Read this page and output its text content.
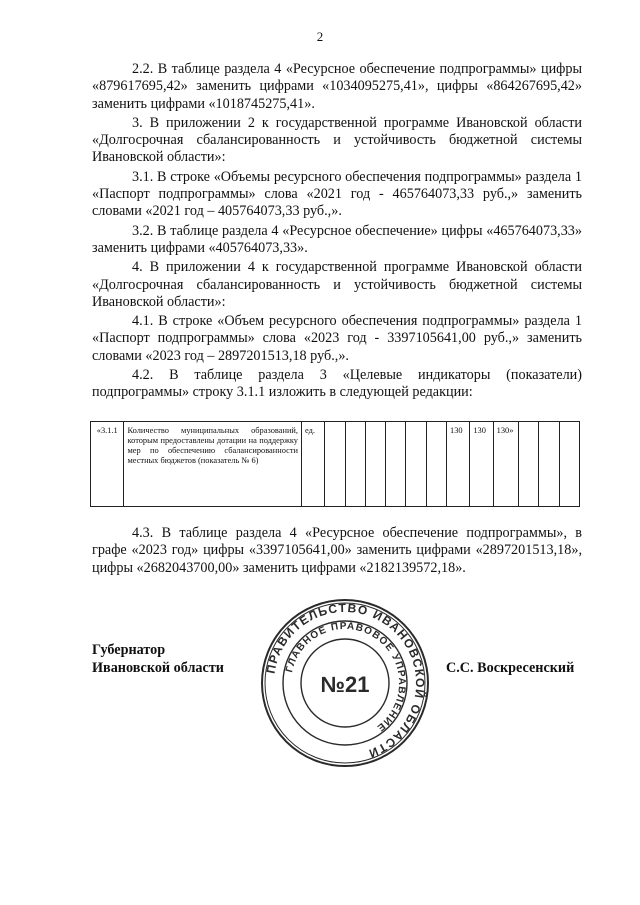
2

2.2. В таблице раздела 4 «Ресурсное обеспечение подпрограммы» цифры «879617695,42» заменить цифрами «1034095275,41», цифры «864267695,42» заменить цифрами «1018745275,41».

3. В приложении 2 к государственной программе Ивановской области «Долгосрочная сбалансированность и устойчивость бюджетной системы Ивановской области»:

3.1. В строке «Объемы ресурсного обеспечения подпрограммы» раздела 1 «Паспорт подпрограммы» слова «2021 год - 465764073,33 руб.,» заменить словами «2021 год – 405764073,33 руб.,».

3.2. В таблице раздела 4 «Ресурсное обеспечение» цифры «465764073,33» заменить цифрами «405764073,33».

4. В приложении 4 к государственной программе Ивановской области «Долгосрочная сбалансированность и устойчивость бюджетной системы Ивановской области»:

4.1. В строке «Объем ресурсного обеспечения подпрограммы» раздела 1 «Паспорт подпрограммы» слова «2023 год - 3397105641,00 руб.,» заменить словами «2023 год – 2897201513,18 руб.,».

4.2. В таблице раздела 3 «Целевые индикаторы (показатели) подпрограммы» строку 3.1.1 изложить в следующей редакции:

«3.1.1	Количество муниципальных образований, которым предоставлены дотации на поддержку мер по обеспечению сбалансированности местных бюджетов (показатель № 6)	ед.							130	130	130»			

4.3. В таблице раздела 4 «Ресурсное обеспечение подпрограммы», в графе «2023 год» цифры «3397105641,00» заменить цифрами «2897201513,18», цифры «2682043700,00» заменить цифрами «2182139572,18».

Губернатор
Ивановской области	ПРАВИТЕЛЬСТВО ИВАНОВСКОЙ ОБЛАСТИ
ГЛАВНОЕ ПРАВОВОЕ УПРАВЛЕНИЕ
№21
С.С. Воскресенский
